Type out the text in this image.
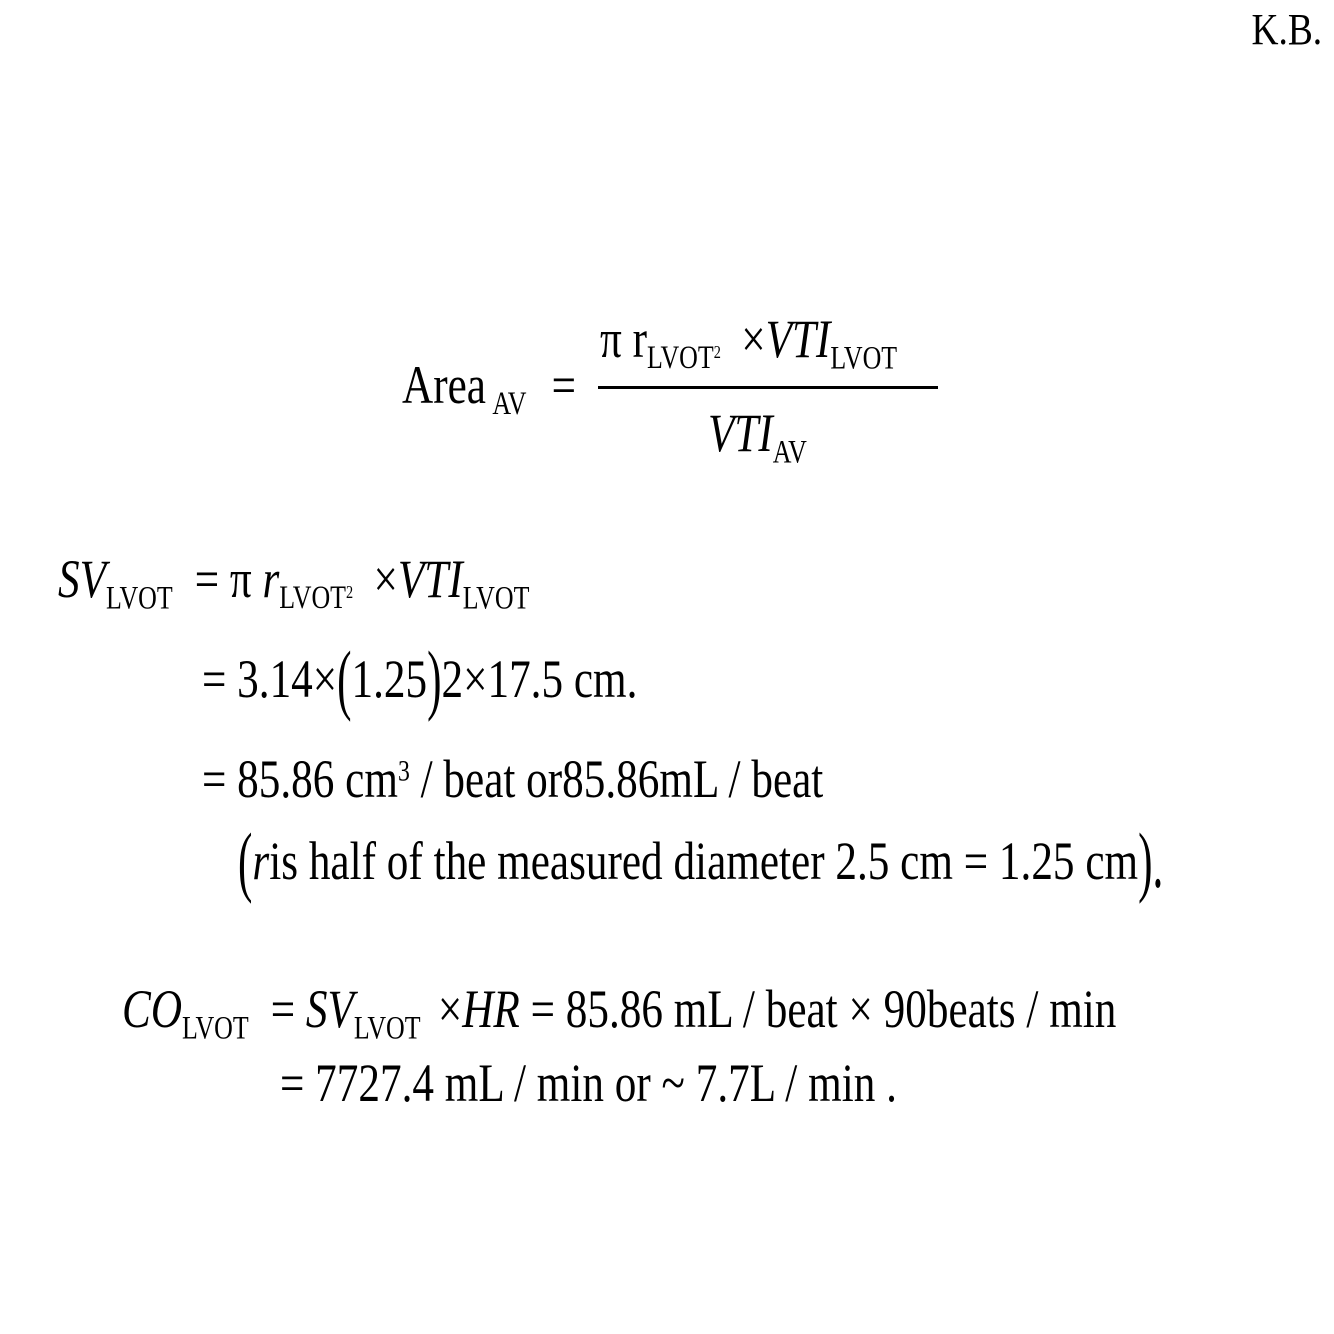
K.B.
Area $_{AV}$ =
π $r_{LVOT^2} \times VTI_{LVOT}$
$VTI_{AV}$
$SV_{LVOT} = \pi$ $r_{LVOT^2} \times VTI_{LVOT}$
= 3.14×(1.25)2×17.5 cm.
= 85.86 $cm^3$ / beat or85.86mL / beat
(ris half of the measured diameter 2.5 cm = 1.25 cm).
$CO_{LVOT} = SV_{LVOT} \times HR = 85.86$ mL / beat × 90beats / min
= 7727.4 mL / min or ~ 7.7L / min .
